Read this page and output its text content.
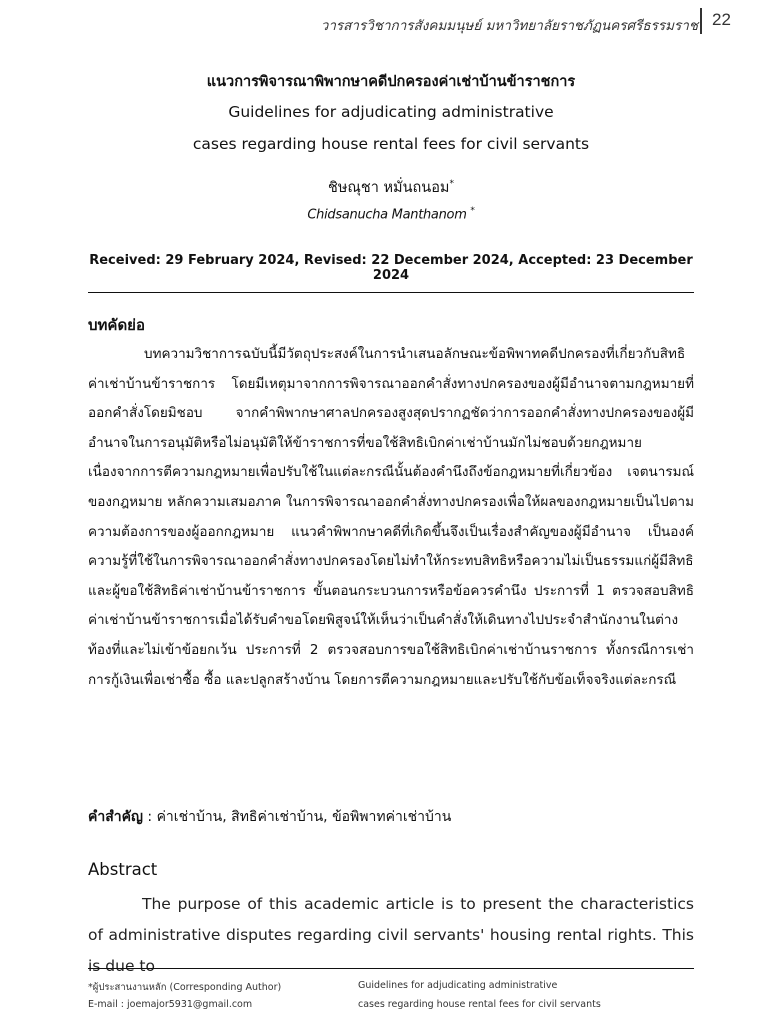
วารสารวิชาการสังคมมนุษย์ มหาวิทยาลัยราชภัฏนครศรีธรรมราช 22
แนวการพิจารณาพิพากษาคดีปกครองค่าเช่าบ้านข้าราชการ
Guidelines for adjudicating administrative
cases regarding house rental fees for civil servants
ชิษณุชา หมั่นถนอม*
Chidsanucha Manthanom *
Received: 29 February 2024, Revised: 22 December 2024, Accepted: 23 December 2024
บทคัดย่อ

บทความวิชาการฉบับนี้มีวัตถุประสงค์ในการนำเสนอลักษณะข้อพิพาทคดีปกครองที่เกี่ยวกับสิทธิค่าเช่าบ้านข้าราชการ โดยมีเหตุมาจากการพิจารณาออกคำสั่งทางปกครองของผู้มีอำนาจตามกฎหมายที่ออกคำสั่งโดยมิชอบ จากคำพิพากษาศาลปกครองสูงสุดปรากฏชัดว่าการออกคำสั่งทางปกครองของผู้มีอำนาจในการอนุมัติหรือไม่อนุมัติให้ข้าราชการที่ขอใช้สิทธิเบิกค่าเช่าบ้านมักไม่ชอบด้วยกฎหมาย เนื่องจากการตีความกฎหมายเพื่อปรับใช้ในแต่ละกรณีนั้นต้องคำนึงถึงข้อกฎหมายที่เกี่ยวข้อง เจตนารมณ์ของกฎหมาย หลักความเสมอภาค ในการพิจารณาออกคำสั่งทางปกครองเพื่อให้ผลของกฎหมายเป็นไปตามความต้องการของผู้ออกกฎหมาย แนวคำพิพากษาคดีที่เกิดขึ้นจึงเป็นเรื่องสำคัญของผู้มีอำนาจ เป็นองค์ความรู้ที่ใช้ในการพิจารณาออกคำสั่งทางปกครองโดยไม่ทำให้กระทบสิทธิหรือความไม่เป็นธรรมแก่ผู้มีสิทธิและผู้ขอใช้สิทธิค่าเช่าบ้านข้าราชการ ขั้นตอนกระบวนการหรือข้อควรคำนึง ประการที่ 1 ตรวจสอบสิทธิค่าเช่าบ้านข้าราชการเมื่อได้รับคำขอโดยพิสูจน์ให้เห็นว่าเป็นคำสั่งให้เดินทางไปประจำสำนักงานในต่างท้องที่และไม่เข้าข้อยกเว้น ประการที่ 2 ตรวจสอบการขอใช้สิทธิเบิกค่าเช่าบ้านราชการ ทั้งกรณีการเช่า การกู้เงินเพื่อเช่าซื้อ ซื้อ และปลูกสร้างบ้าน โดยการตีความกฎหมายและปรับใช้กับข้อเท็จจริงแต่ละกรณี

คำสำคัญ : ค่าเช่าบ้าน, สิทธิค่าเช่าบ้าน, ข้อพิพาทค่าเช่าบ้าน
Abstract

The purpose of this academic article is to present the characteristics of administrative disputes regarding civil servants' housing rental rights. This is due to

*ผู้ประสานงานหลัก (Corresponding Author)
E-mail : joemajor5931@gmail.com
Guidelines for adjudicating administrative
cases regarding house rental fees for civil servants
